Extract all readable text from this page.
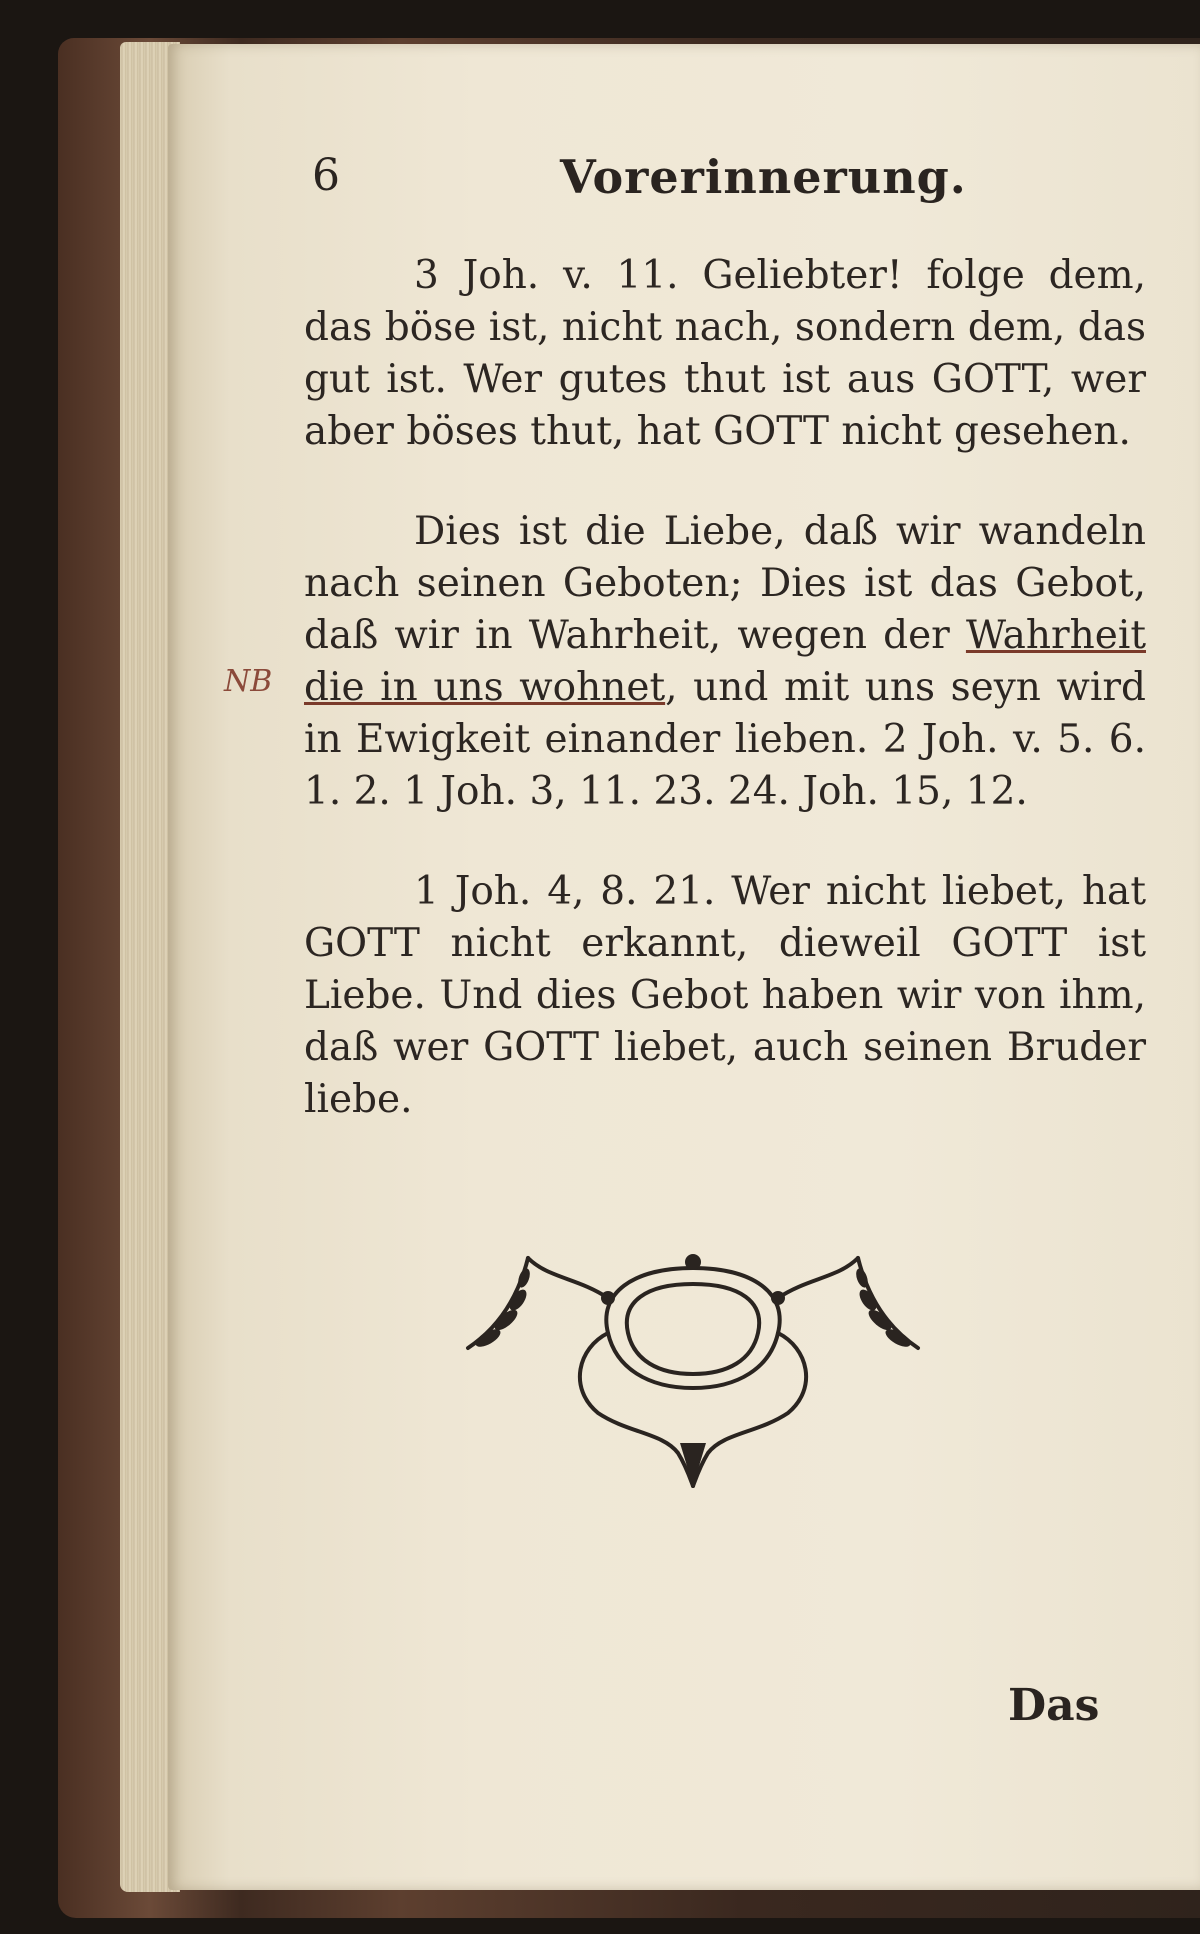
6	Vorerinnerung.

3 Joh. v. 11. Geliebter! folge dem, das böse ist, nicht nach, sondern dem, das gut ist. Wer gutes thut ist aus GOTT, wer aber böses thut, hat GOTT nicht gesehen.

Dies ist die Liebe, daß wir wandeln nach seinen Geboten; Dies ist das Gebot, daß wir in Wahrheit, wegen der Wahrheit die in uns wohnet, und mit uns seyn wird in Ewigkeit einander lieben. 2 Joh. v. 5. 6. 1. 2. 1 Joh. 3, 11. 23. 24. Joh. 15, 12.

1 Joh. 4, 8. 21. Wer nicht liebet, hat GOTT nicht erkannt, dieweil GOTT ist Liebe. Und dies Gebot haben wir von ihm, daß wer GOTT liebet, auch seinen Bruder liebe.

NB
Das
